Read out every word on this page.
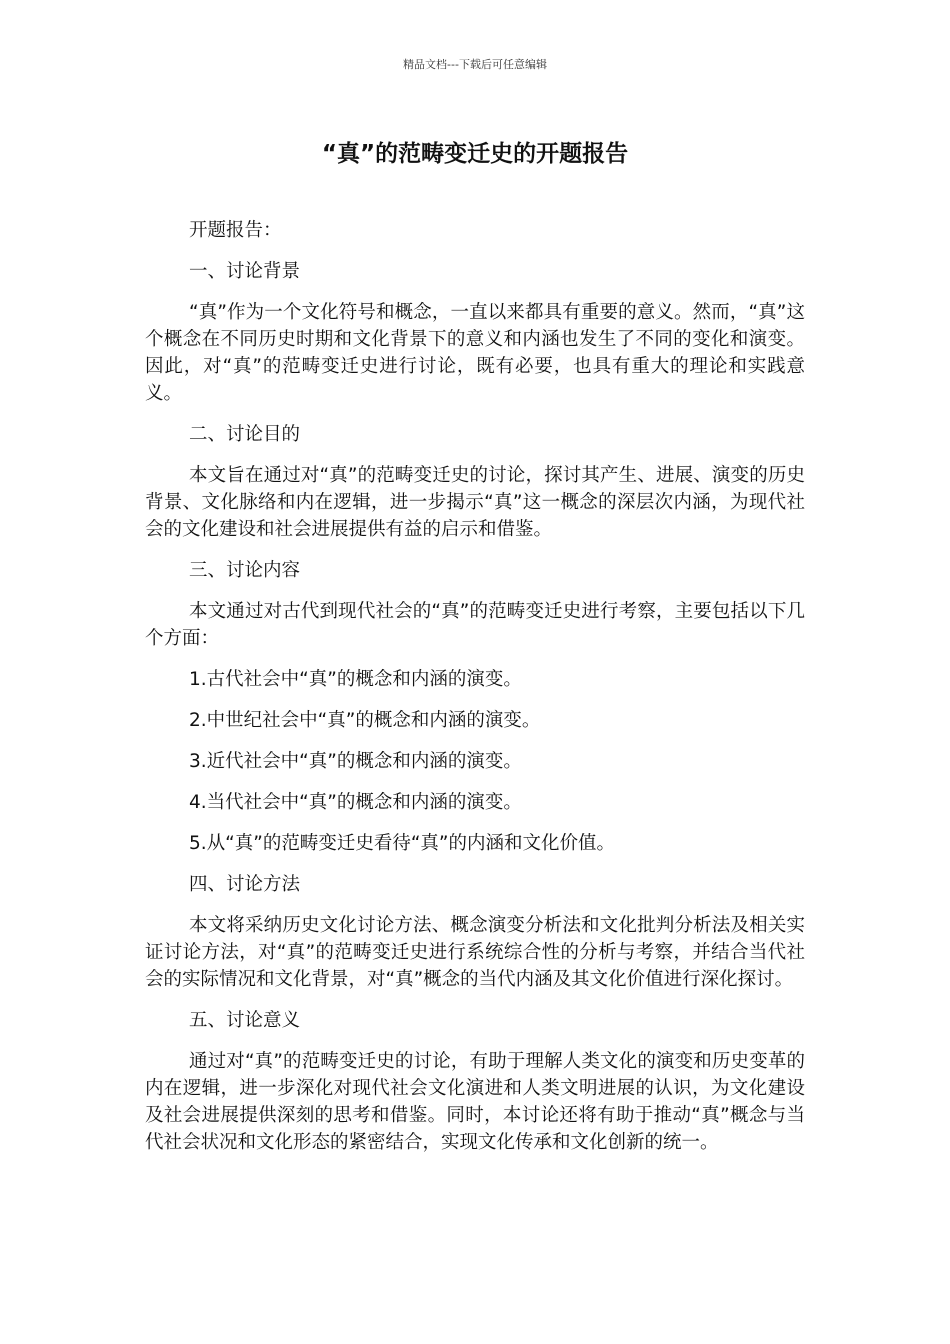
精品文档---下载后可任意编辑
“真”的范畴变迁史的开题报告

开题报告：

一、讨论背景

“真”作为一个文化符号和概念，一直以来都具有重要的意义。然而，“真”这个概念在不同历史时期和文化背景下的意义和内涵也发生了不同的变化和演变。因此，对“真”的范畴变迁史进行讨论，既有必要，也具有重大的理论和实践意义。

二、讨论目的

本文旨在通过对“真”的范畴变迁史的讨论，探讨其产生、进展、演变的历史背景、文化脉络和内在逻辑，进一步揭示“真”这一概念的深层次内涵，为现代社会的文化建设和社会进展提供有益的启示和借鉴。

三、讨论内容

本文通过对古代到现代社会的“真”的范畴变迁史进行考察，主要包括以下几个方面：

1.古代社会中“真”的概念和内涵的演变。

2.中世纪社会中“真”的概念和内涵的演变。

3.近代社会中“真”的概念和内涵的演变。

4.当代社会中“真”的概念和内涵的演变。

5.从“真”的范畴变迁史看待“真”的内涵和文化价值。

四、讨论方法

本文将采纳历史文化讨论方法、概念演变分析法和文化批判分析法及相关实证讨论方法，对“真”的范畴变迁史进行系统综合性的分析与考察，并结合当代社会的实际情况和文化背景，对“真”概念的当代内涵及其文化价值进行深化探讨。

五、讨论意义

通过对“真”的范畴变迁史的讨论，有助于理解人类文化的演变和历史变革的内在逻辑，进一步深化对现代社会文化演进和人类文明进展的认识，为文化建设及社会进展提供深刻的思考和借鉴。同时，本讨论还将有助于推动“真”概念与当代社会状况和文化形态的紧密结合，实现文化传承和文化创新的统一。
